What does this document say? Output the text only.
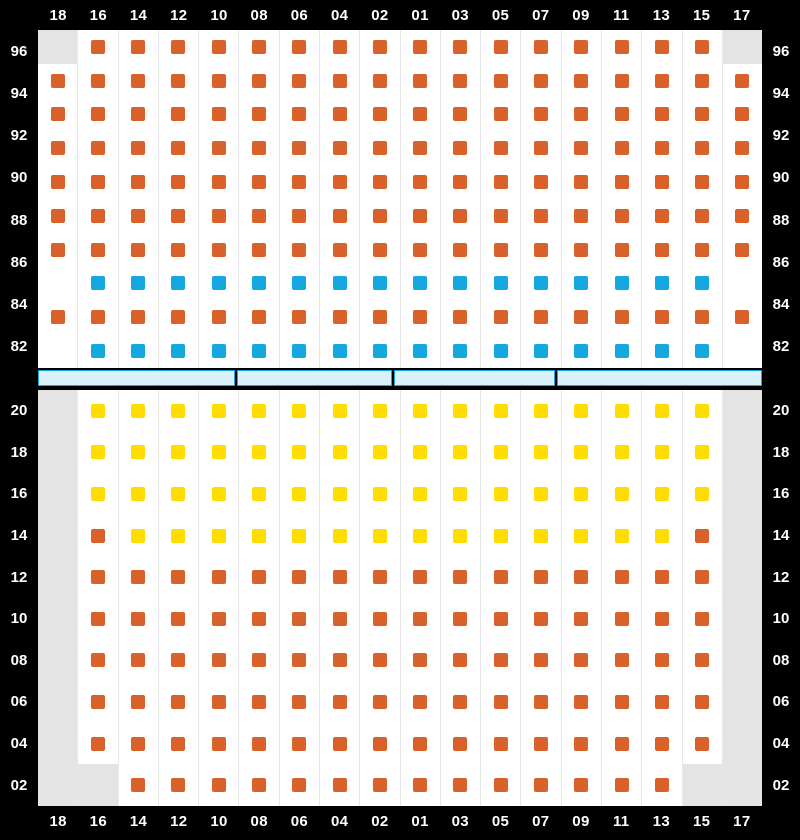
18	16	14	12	10	08	06	04	02	01	03	05	07	09	11	13	15	17
96
94
92
90
88
86
84
82
96
94
92
90
88
86
84
82
20
18
16
14
12
10
08
06
04
02
20
18
16
14
12
10
08
06
04
02
18	16	14	12	10	08	06	04	02	01	03	05	07	09	11	13	15	17
